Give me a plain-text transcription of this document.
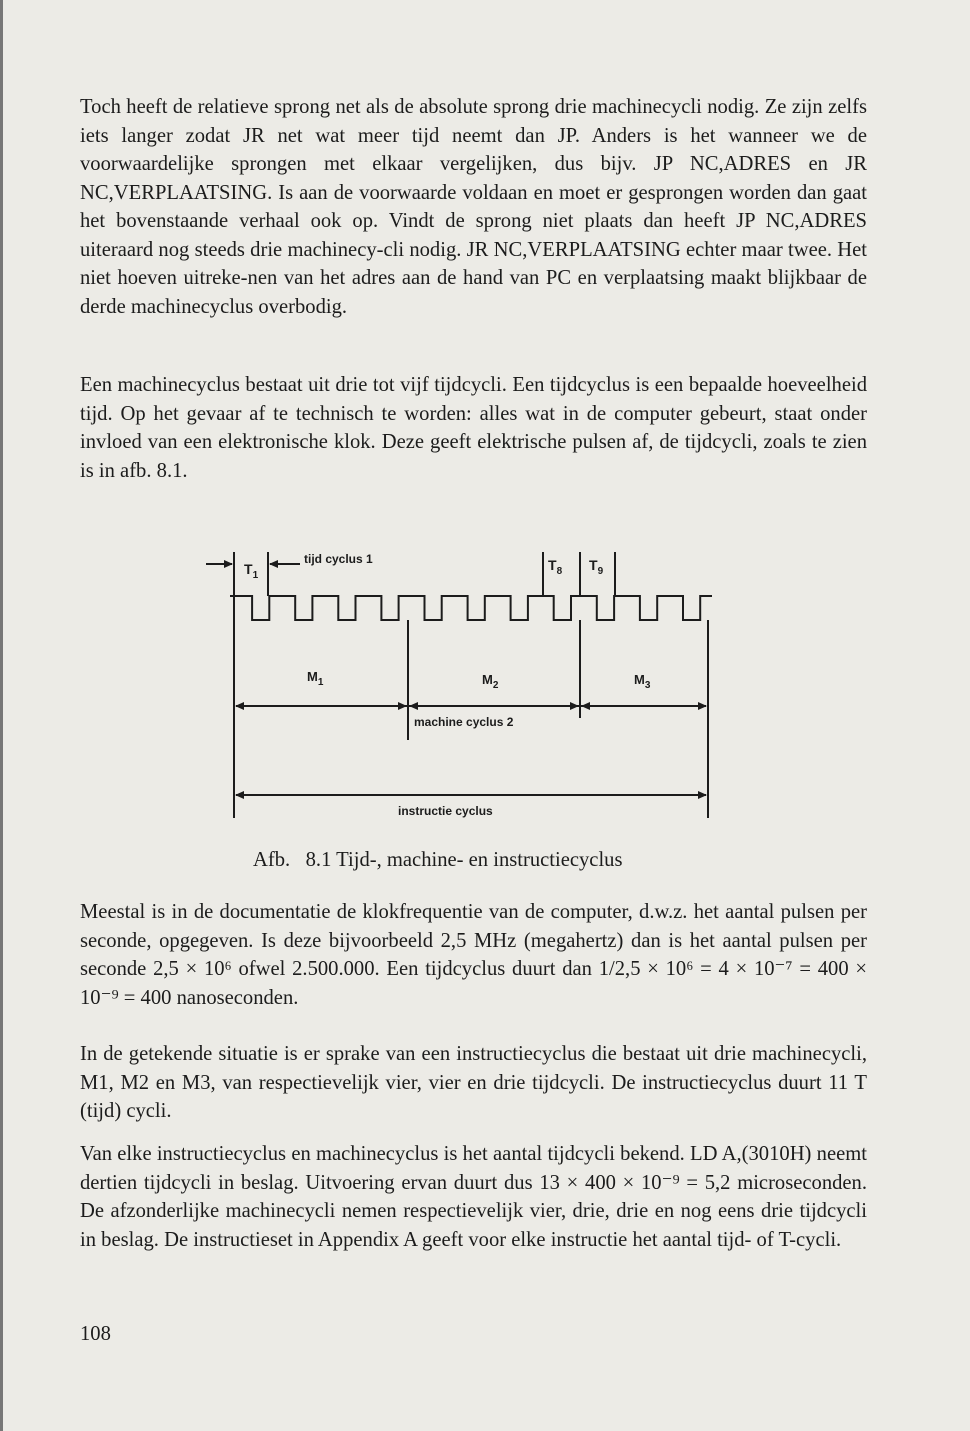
Toch heeft de relatieve sprong net als de absolute sprong drie machinecycli nodig. Ze zijn zelfs iets langer zodat JR net wat meer tijd neemt dan JP. Anders is het wanneer we de voorwaardelijke sprongen met elkaar vergelijken, dus bijv. JP NC,ADRES en JR NC,VERPLAATSING. Is aan de voorwaarde voldaan en moet er gesprongen worden dan gaat het bovenstaande verhaal ook op. Vindt de sprong niet plaats dan heeft JP NC,ADRES uiteraard nog steeds drie machinecy-cli nodig. JR NC,VERPLAATSING echter maar twee. Het niet hoeven uitreke-nen van het adres aan de hand van PC en verplaatsing maakt blijkbaar de derde machinecyclus overbodig.

Een machinecyclus bestaat uit drie tot vijf tijdcycli. Een tijdcyclus is een bepaalde hoeveelheid tijd. Op het gevaar af te technisch te worden: alles wat in de computer gebeurt, staat onder invloed van een elektronische klok. Deze geeft elektrische pulsen af, de tijdcycli, zoals te zien is in afb. 8.1.

$T_1$
tijd cyclus 1	$T_8$ $T_9$
$M_1$	$M_2$	$M_3$
machine cyclus 2
instructie cyclus

Afb.   8.1 Tijd-, machine- en instructiecyclus

Meestal is in de documentatie de klokfrequentie van de computer, d.w.z. het aantal pulsen per seconde, opgegeven. Is deze bijvoorbeeld 2,5 MHz (megahertz) dan is het aantal pulsen per seconde 2,5 × 10⁶ ofwel 2.500.000. Een tijdcyclus duurt dan 1/2,5 × 10⁶ = 4 × 10⁻⁷ = 400 × 10⁻⁹ = 400 nanoseconden.

In de getekende situatie is er sprake van een instructiecyclus die bestaat uit drie machinecycli, M1, M2 en M3, van respectievelijk vier, vier en drie tijdcycli. De instructiecyclus duurt 11 T (tijd) cycli.

Van elke instructiecyclus en machinecyclus is het aantal tijdcycli bekend. LD A,(3010H) neemt dertien tijdcycli in beslag. Uitvoering ervan duurt dus 13 × 400 × 10⁻⁹ = 5,2 microseconden. De afzonderlijke machinecycli nemen respectievelijk vier, drie, drie en nog eens drie tijdcycli in beslag. De instructieset in Appendix A geeft voor elke instructie het aantal tijd- of T-cycli.

108
